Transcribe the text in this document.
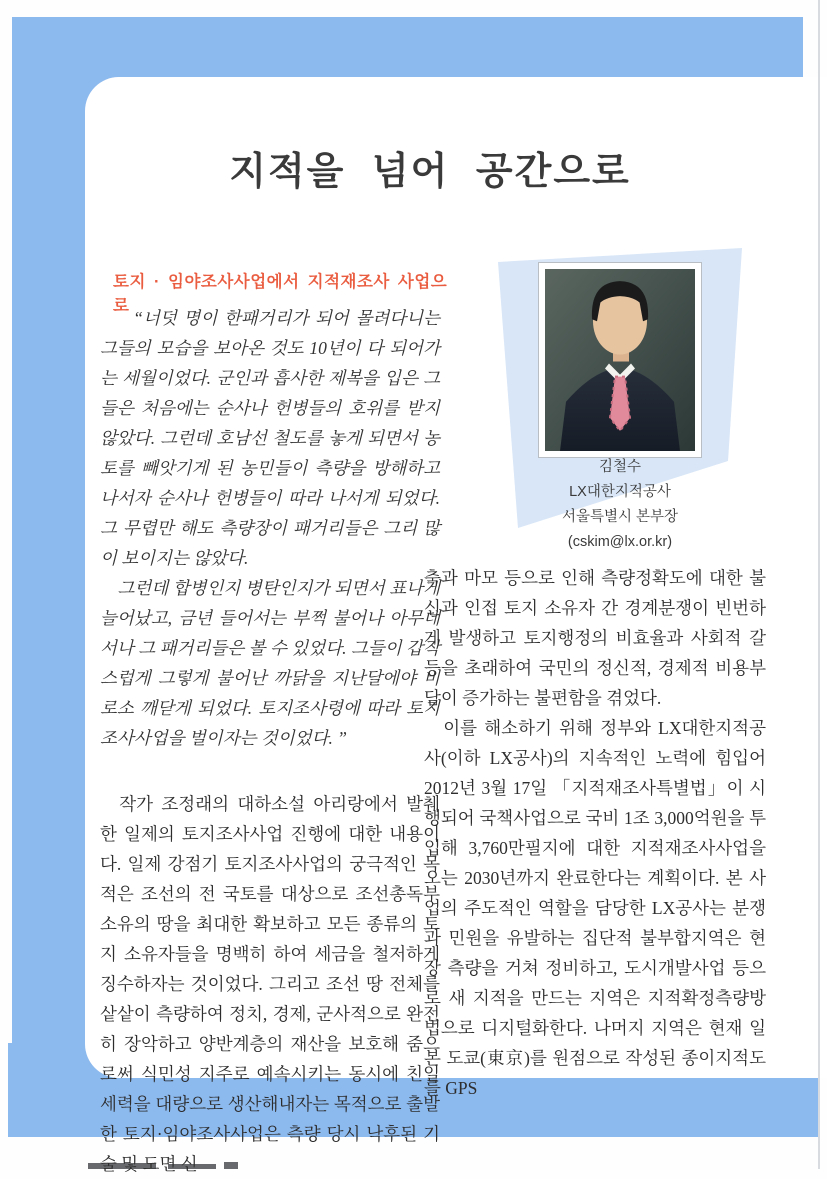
지적을 넘어 공간으로
토지 · 임야조사사업에서 지적재조사 사업으로

“너덧 명이 한패거리가 되어 몰려다니는 그들의 모습을 보아온 것도 10년이 다 되어가는 세월이었다. 군인과 흡사한 제복을 입은 그들은 처음에는 순사나 헌병들의 호위를 받지 않았다. 그런데 호남선 철도를 놓게 되면서 농토를 빼앗기게 된 농민들이 측량을 방해하고 나서자 순사나 헌병들이 따라 나서게 되었다. 그 무렵만 해도 측량장이 패거리들은 그리 많이 보이지는 않았다.

그런데 합병인지 병탄인지가 되면서 표나게 늘어났고, 금년 들어서는 부쩍 불어나 아무데서나 그 패거리들은 볼 수 있었다. 그들이 갑작스럽게 그렇게 불어난 까닭을 지난달에야 비로소 깨닫게 되었다. 토지조사령에 따라 토지조사사업을 벌이자는 것이었다. ”

작가 조정래의 대하소설 아리랑에서 발췌한 일제의 토지조사사업 진행에 대한 내용이다. 일제 강점기 토지조사사업의 궁극적인 목적은 조선의 전 국토를 대상으로 조선총독부 소유의 땅을 최대한 확보하고 모든 종류의 토지 소유자들을 명백히 하여 세금을 철저하게 징수하자는 것이었다. 그리고 조선 땅 전체를 샅샅이 측량하여 정치, 경제, 군사적으로 완전히 장악하고 양반계층의 재산을 보호해 줌으로써 식민성 지주로 예속시키는 동시에 친일세력을 대량으로 생산해내자는 목적으로 출발한 토지·임야조사사업은 측량 당시 낙후된 기술 및 도면 신

김철수
LX대한지적공사
서울특별시 본부장
(cskim@lx.or.kr)

축과 마모 등으로 인해 측량정확도에 대한 불신과 인접 토지 소유자 간 경계분쟁이 빈번하게 발생하고 토지행정의 비효율과 사회적 갈등을 초래하여 국민의 정신적, 경제적 비용부담이 증가하는 불편함을 겪었다.

이를 해소하기 위해 정부와 LX대한지적공사(이하 LX공사)의 지속적인 노력에 힘입어 2012년 3월 17일 「지적재조사특별법」이 시행되어 국책사업으로 국비 1조 3,000억원을 투입해 3,760만필지에 대한 지적재조사사업을 오는 2030년까지 완료한다는 계획이다. 본 사업의 주도적인 역할을 담당한 LX공사는 분쟁과 민원을 유발하는 집단적 불부합지역은 현장 측량을 거쳐 정비하고, 도시개발사업 등으로 새 지적을 만드는 지역은 지적확정측량방법으로 디지털화한다. 나머지 지역은 현재 일본 도쿄(東京)를 원점으로 작성된 종이지적도를 GPS
